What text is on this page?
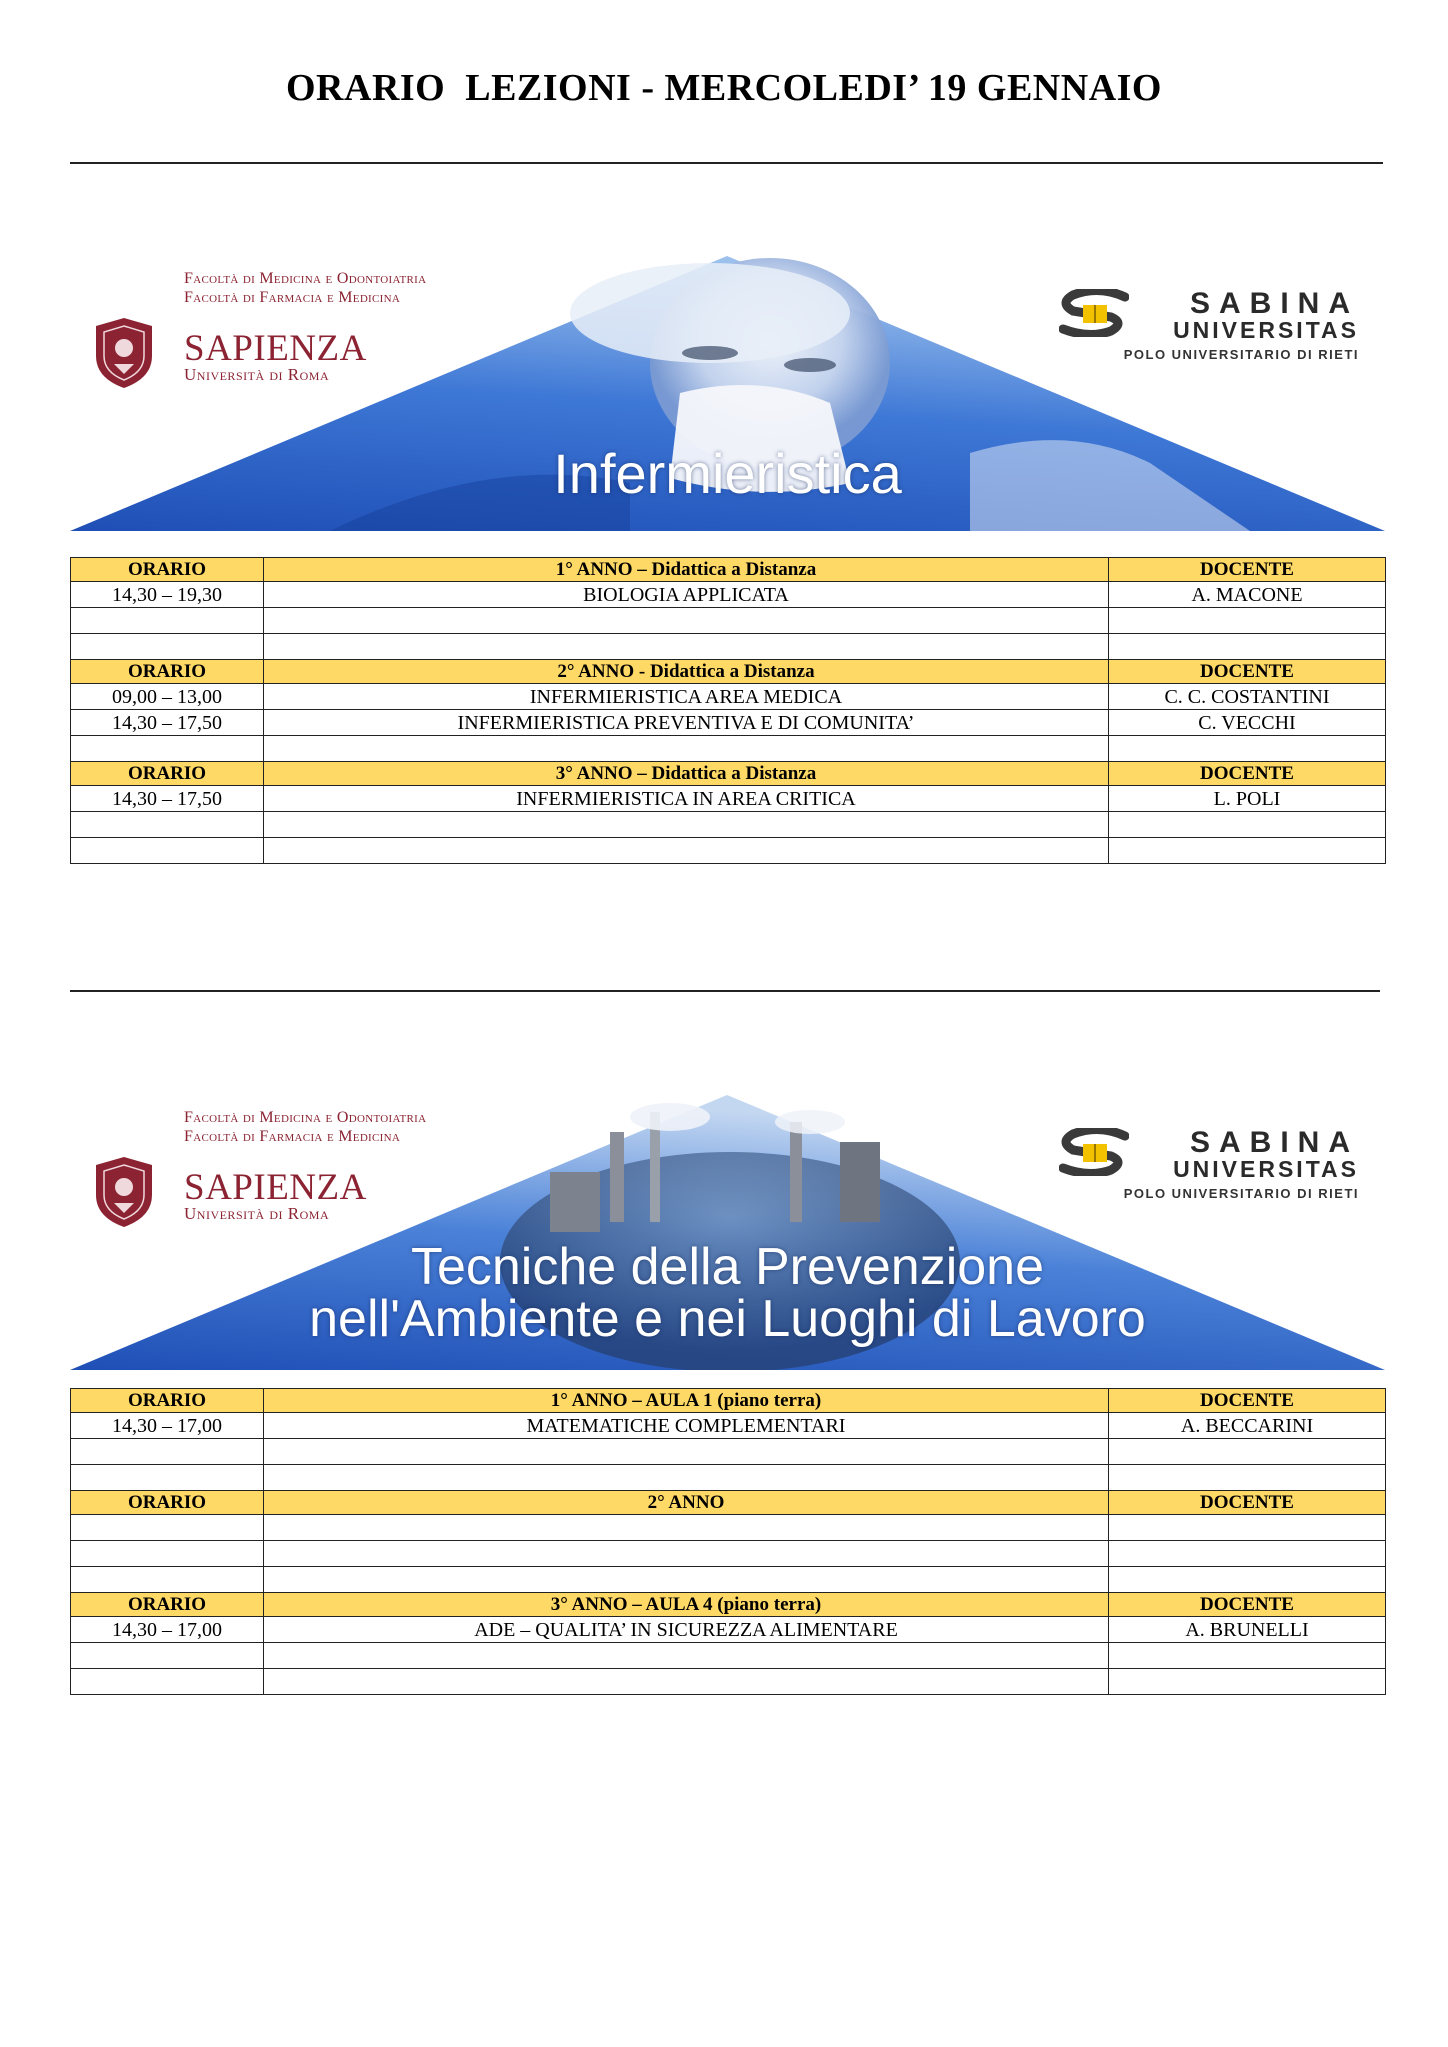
ORARIO  LEZIONI - MERCOLEDI’ 19 GENNAIO
Facoltà di Medicina e Odontoiatria
Facoltà di Farmacia e Medicina
SAPIENZA
Università di Roma
SABINA
UNIVERSITAS
POLO UNIVERSITARIO DI RIETI
Infermieristica
ORARIO	1° ANNO – Didattica a Distanza	DOCENTE
14,30 – 19,30	BIOLOGIA APPLICATA	A. MACONE

ORARIO	2° ANNO - Didattica a Distanza	DOCENTE
09,00 – 13,00	INFERMIERISTICA AREA MEDICA	C. C. COSTANTINI
14,30 – 17,50	INFERMIERISTICA PREVENTIVA E DI COMUNITA’	C. VECCHI

ORARIO	3° ANNO – Didattica a Distanza	DOCENTE
14,30 – 17,50	INFERMIERISTICA IN AREA CRITICA	L. POLI

Facoltà di Medicina e Odontoiatria
Facoltà di Farmacia e Medicina
SAPIENZA
Università di Roma
SABINA
UNIVERSITAS
POLO UNIVERSITARIO DI RIETI
Tecniche della Prevenzione
nell'Ambiente e nei Luoghi di Lavoro
ORARIO	1° ANNO – AULA 1 (piano terra)	DOCENTE
14,30 – 17,00	MATEMATICHE COMPLEMENTARI	A. BECCARINI

ORARIO	2° ANNO	DOCENTE

ORARIO	3° ANNO – AULA 4 (piano terra)	DOCENTE
14,30 – 17,00	ADE – QUALITA’ IN SICUREZZA ALIMENTARE	A. BRUNELLI
